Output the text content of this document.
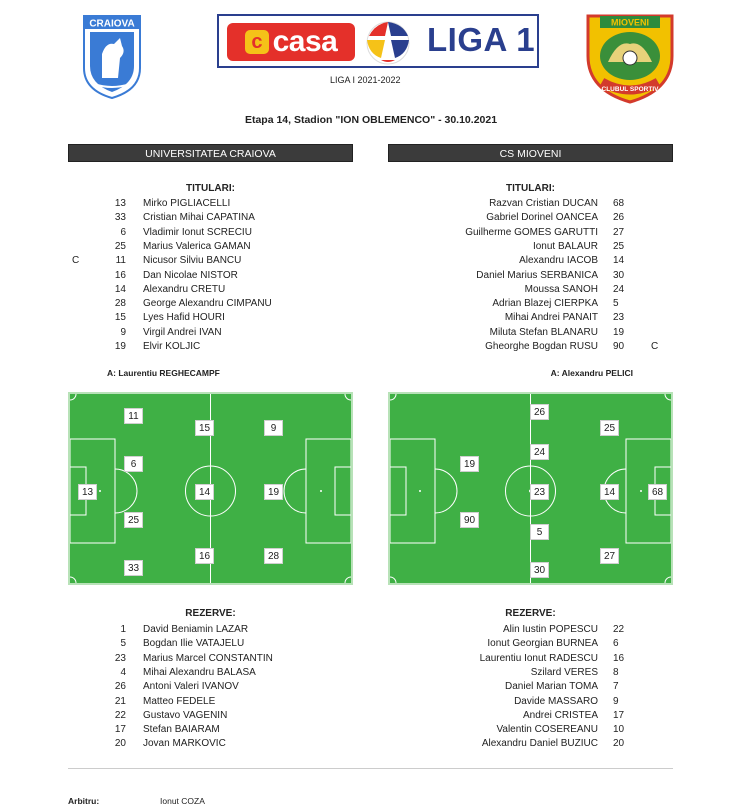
CRAIOVA
c casa	LIGA 1
LIGA I 2021-2022
MIOVENI
CLUBUL SPORTIV
Etapa 14, Stadion "ION OBLEMENCO" - 30.10.2021
UNIVERSITATEA CRAIOVA	CS MIOVENI
TITULARI:	TITULARI:
13 Mirko PIGLIACELLI
33 Cristian Mihai CAPATINA
6 Vladimir Ionut SCRECIU
25 Marius Valerica GAMAN
C	11 Nicusor Silviu BANCU
16 Dan Nicolae NISTOR
14 Alexandru CRETU
28 George Alexandru CIMPANU
15 Lyes Hafid HOURI
9 Virgil Andrei IVAN
19 Elvir KOLJIC
Razvan Cristian DUCAN 68
Gabriel Dorinel OANCEA 26
Guilherme GOMES GARUTTI 27
Ionut BALAUR 25
Alexandru IACOB 14
Daniel Marius SERBANICA 30
Moussa SANOH 24
Adrian Blazej CIERPKA 5
Mihai Andrei PANAIT 23
Miluta Stefan BLANARU 19
Gheorghe Bogdan RUSU 90	C
A: Laurentiu REGHECAMPF	A: Alexandru PELICI
11
15	9
6
13	14	19
25
16	28
33
26
25
24
19
23	14	68
90
5
27
30
REZERVE:	REZERVE:
1 David Beniamin LAZAR
5 Bogdan Ilie VATAJELU
23 Marius Marcel CONSTANTIN
4 Mihai Alexandru BALASA
26 Antoni Valeri IVANOV
21 Matteo FEDELE
22 Gustavo VAGENIN
17 Stefan BAIARAM
20 Jovan MARKOVIC
Alin Iustin POPESCU 22
Ionut Georgian BURNEA 6
Laurentiu Ionut RADESCU 16
Szilard VERES 8
Daniel Marian TOMA 7
Davide MASSARO 9
Andrei CRISTEA 17
Valentin COSEREANU 10
Alexandru Daniel BUZIUC 20
Arbitru:	Ionut COZA
